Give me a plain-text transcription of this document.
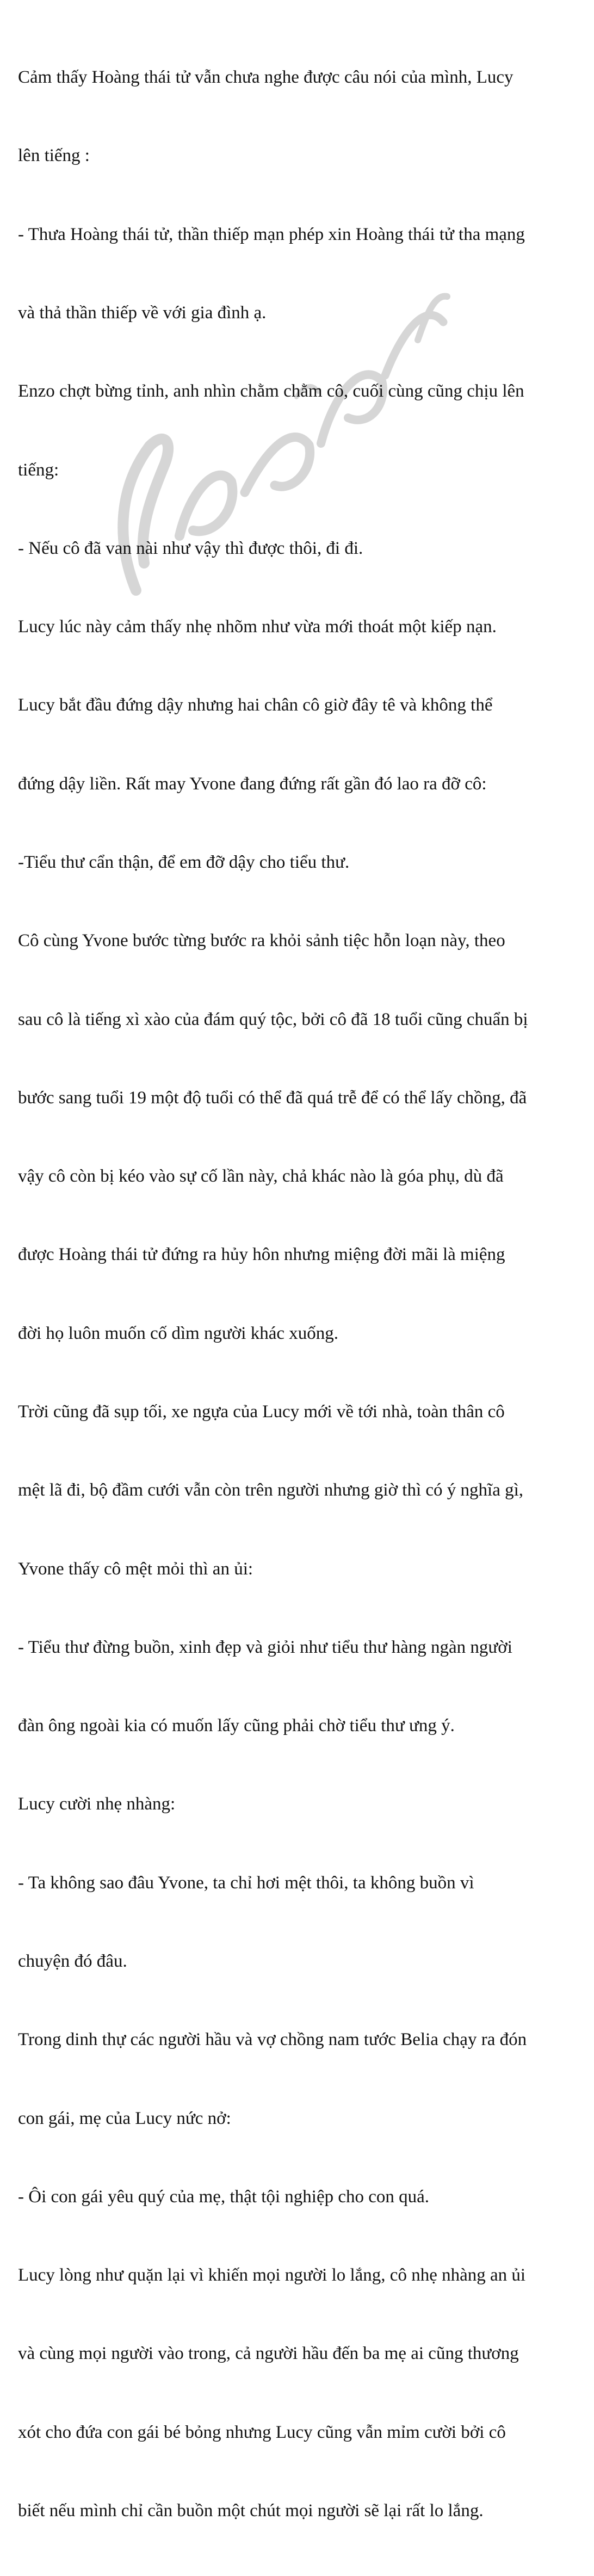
Cảm thấy Hoàng thái tử vẫn chưa nghe được câu nói của mình, Lucy

lên tiếng :

- Thưa Hoàng thái tử, thần thiếp mạn phép xin Hoàng thái tử tha mạng

và thả thần thiếp về với gia đình ạ.

Enzo chợt bừng tỉnh, anh nhìn chằm chằm cô, cuối cùng cũng chịu lên

tiếng:

- Nếu cô đã van nài như vậy thì được thôi, đi đi.

Lucy lúc này cảm thấy nhẹ nhõm như vừa mới thoát một kiếp nạn.

Lucy bắt đầu đứng dậy nhưng hai chân cô giờ đây tê và không thể

đứng dậy liền. Rất may Yvone đang đứng rất gần đó lao ra đỡ cô:

-Tiểu thư cẩn thận, để em đỡ dậy cho tiểu thư.

Cô cùng Yvone bước từng bước ra khỏi sảnh tiệc hỗn loạn này, theo

sau cô là tiếng xì xào của đám quý tộc, bởi cô đã 18 tuổi cũng chuẩn bị

bước sang tuổi 19 một độ tuổi có thể đã quá trễ để có thể lấy chồng, đã

vậy cô còn bị kéo vào sự cố lần này, chả khác nào là góa phụ, dù đã

được Hoàng thái tử đứng ra hủy hôn nhưng miệng đời mãi là miệng

đời họ luôn muốn cố dìm người khác xuống.

Trời cũng đã sụp tối, xe ngựa của Lucy mới về tới nhà, toàn thân cô

mệt lã đi, bộ đầm cưới vẫn còn trên người nhưng giờ thì có ý nghĩa gì,

Yvone thấy cô mệt mỏi thì an ủi:

- Tiểu thư đừng buồn, xinh đẹp và giỏi như tiểu thư hàng ngàn người

đàn ông ngoài kia có muốn lấy cũng phải chờ tiểu thư ưng ý.

Lucy cười nhẹ nhàng:

- Ta không sao đâu Yvone, ta chỉ hơi mệt thôi, ta không buồn vì

chuyện đó đâu.

Trong dinh thự các người hầu và vợ chồng nam tước Belia chạy ra đón

con gái, mẹ của Lucy nức nở:

- Ôi con gái yêu quý của mẹ, thật tội nghiệp cho con quá.

Lucy lòng như quặn lại vì khiến mọi người lo lắng, cô nhẹ nhàng an ủi

và cùng mọi người vào trong, cả người hầu đến ba mẹ ai cũng thương

xót cho đứa con gái bé bỏng nhưng Lucy cũng vẫn mỉm cười bởi cô

biết nếu mình chỉ cần buồn một chút mọi người sẽ lại rất lo lắng.
